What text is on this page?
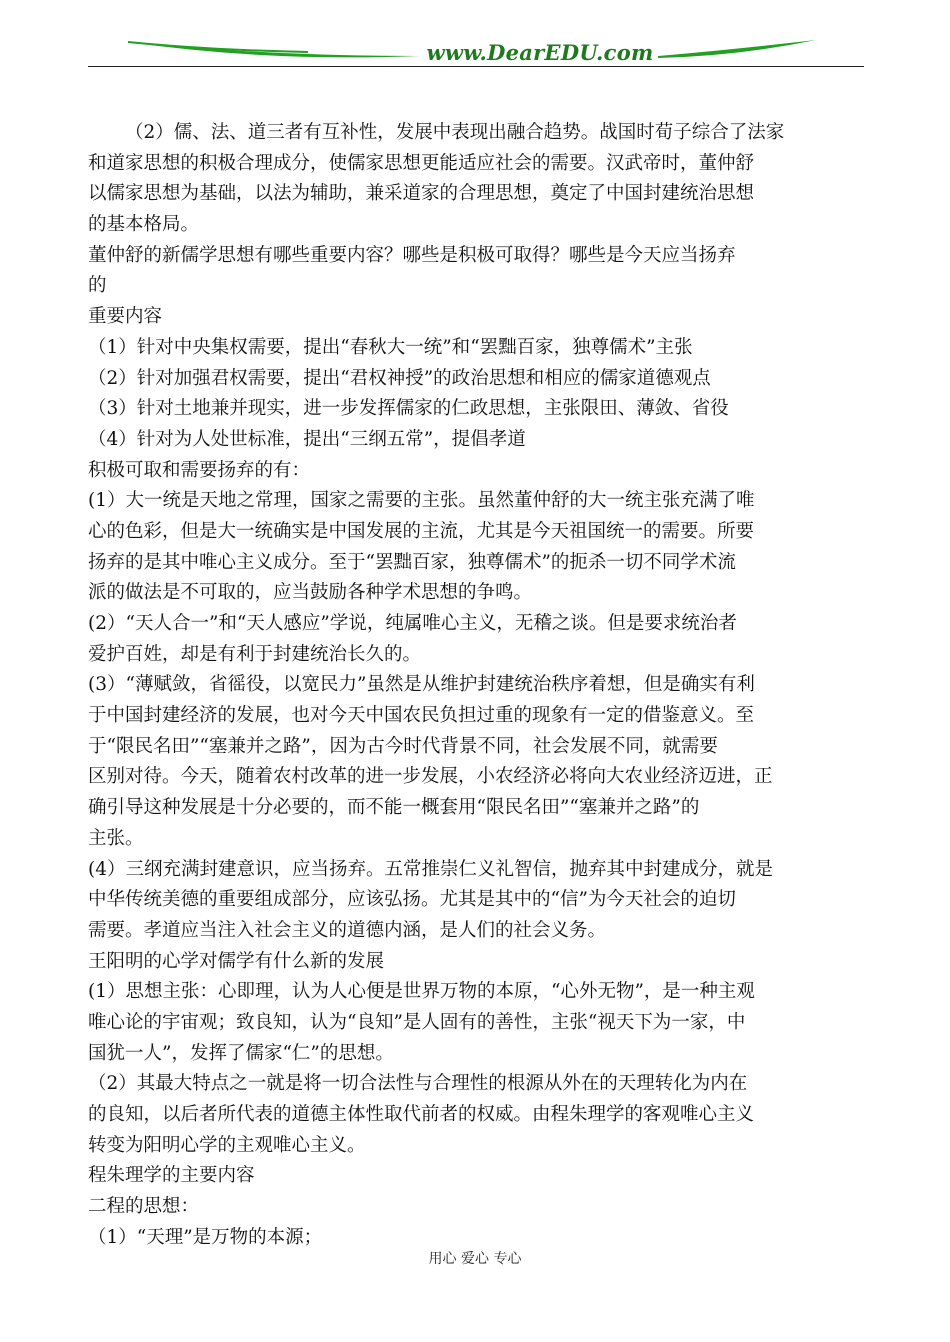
www.DearEDU.com
（2）儒、法、道三者有互补性，发展中表现出融合趋势。战国时荀子综合了法家
和道家思想的积极合理成分，使儒家思想更能适应社会的需要。汉武帝时，董仲舒
以儒家思想为基础，以法为辅助，兼采道家的合理思想，奠定了中国封建统治思想
的基本格局。
董仲舒的新儒学思想有哪些重要内容？哪些是积极可取得？哪些是今天应当扬弃
的
重要内容
（1）针对中央集权需要，提出“春秋大一统”和“罢黜百家，独尊儒术”主张
（2）针对加强君权需要，提出“君权神授”的政治思想和相应的儒家道德观点
（3）针对土地兼并现实，进一步发挥儒家的仁政思想，主张限田、薄敛、省役
（4）针对为人处世标准，提出“三纲五常”，提倡孝道
积极可取和需要扬弃的有：
(1）大一统是天地之常理，国家之需要的主张。虽然董仲舒的大一统主张充满了唯
心的色彩，但是大一统确实是中国发展的主流，尤其是今天祖国统一的需要。所要
扬弃的是其中唯心主义成分。至于“罢黜百家，独尊儒术”的扼杀一切不同学术流
派的做法是不可取的，应当鼓励各种学术思想的争鸣。
(2）“天人合一”和“天人感应”学说，纯属唯心主义，无稽之谈。但是要求统治者
爱护百姓，却是有利于封建统治长久的。
(3）“薄赋敛，省徭役，以宽民力”虽然是从维护封建统治秩序着想，但是确实有利
于中国封建经济的发展，也对今天中国农民负担过重的现象有一定的借鉴意义。至
于“限民名田”“塞兼并之路”，因为古今时代背景不同，社会发展不同，就需要
区别对待。今天，随着农村改革的进一步发展，小农经济必将向大农业经济迈进，正
确引导这种发展是十分必要的，而不能一概套用“限民名田”“塞兼并之路”的
主张。
(4）三纲充满封建意识，应当扬弃。五常推崇仁义礼智信，抛弃其中封建成分，就是
中华传统美德的重要组成部分，应该弘扬。尤其是其中的“信”为今天社会的迫切
需要。孝道应当注入社会主义的道德内涵，是人们的社会义务。
王阳明的心学对儒学有什么新的发展
(1）思想主张：心即理，认为人心便是世界万物的本原，“心外无物”，是一种主观
唯心论的宇宙观；致良知，认为“良知”是人固有的善性，主张“视天下为一家，中
国犹一人”，发挥了儒家“仁”的思想。
（2）其最大特点之一就是将一切合法性与合理性的根源从外在的天理转化为内在
的良知，以后者所代表的道德主体性取代前者的权威。由程朱理学的客观唯心主义
转变为阳明心学的主观唯心主义。
程朱理学的主要内容
二程的思想：
（1）“天理”是万物的本源；
用心 爱心 专心
